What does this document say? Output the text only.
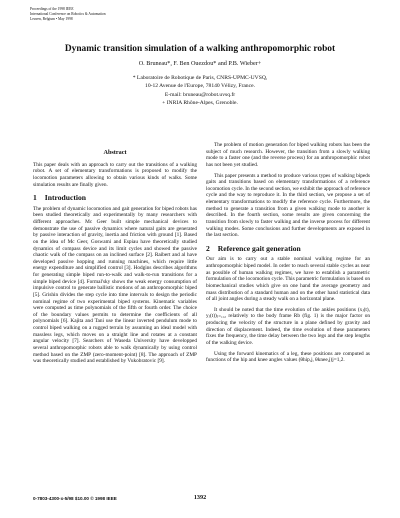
Proceedings of the 1998 IEEE
International Conference on Robotics & Automation
Leuven, Belgium • May 1998
Dynamic transition simulation of a walking anthropomorphic robot
O. Bruneau*, F. Ben Ouezdou* and P.B. Wieber+
* Laboratoire de Robotique de Paris, CNRS-UPMC-UVSQ,
10-12 Avenue de l'Europe, 78140 Vélizy, France.
E-mail: bruneau@robot.uvsq.fr
+ INRIA Rhône-Alpes, Grenoble.
Abstract

This paper deals with an approach to carry out the transitions of a walking robot. A set of elementary transformations is proposed to modify the locomotion parameters allowing to obtain various kinds of walks. Some simulation results are finally given.

1 Introduction

The problem of dynamic locomotion and gait generation for biped robots has been studied theoretically and experimentally by many researchers with different approaches. Mc Geer built simple mechanical devices to demonstrate the use of passive dynamics where natural gaits are generated by passive interaction of gravity, inertia and friction with ground [1]. Based on the idea of Mc Geer, Goswami and Espiau have theoretically studied dynamics of compass device and its limit cycles and showed the passive chaotic walk of the compass on an inclined surface [2]. Raibert and al have developed passive hopping and running machines, which require little energy expenditure and simplified control [3]. Hodgins describes algorithms for generating simple biped run-to-walk and walk-to-run transitions for a simple biped device [4]. Formal'sky shows the weak energy consumption of impulsive control to generate ballistic motions of an anthropomorphic biped [5]. Grishin divides the step cycle into time intervals to design the periodic nominal regime of two experimental biped systems. Kinematic variables were computed as time polynomials of the fifth or fourth order. The choice of the boundary values permits to determine the coefficients of all polynomials [6]. Kajita and Tani use the linear inverted pendulum mode to control biped walking on a rugged terrain by assuming an ideal model with massless legs, which moves on a straight line and rotates at a constant angular velocity [7]. Searchers of Waseda University have developped several anthropomorphic robots able to walk dynamically by using control method based on the ZMP (zero-moment-point) [8]. The approach of ZMP was theoretically studied and established by Vukobratovic [9].

The problem of motion generation for biped walking robots has been the subject of much research. However, the transition from a slowly walking mode to a faster one (and the reverse process) for an anthropomorphic robot has not been yet studied.

This paper presents a method to produce various types of walking bipeds gaits and transitions based on elementary transformations of a reference locomotion cycle. In the second section, we exhibit the approach of reference cycle and the way to reproduce it. In the third section, we propose a set of elementary transformations to modify the reference cycle. Furthermore, the method to generate a transition from a given walking mode to another is described. In the fourth section, some results are given concerning the transition from slowly to faster walking and the inverse process for different walking modes. Some conclusions and further developments are exposed in the last section.

2 Reference gait generation

Our aim is to carry out a stable nominal walking regime for an anthropomorphic biped model. In order to reach several stable cycles as near as possible of human walking regimes, we have to establish a parametric formulation of the locomotion cycle. This parametric formulation is based on biomechanical studies which give on one hand the average geometry and mass distribution of a standard human and on the other hand statistical data of all joint angles during a steady walk on a horizontal plane.

It should be noted that the time evolution of the ankles positions (xⱼ(t), yⱼ(t))ⱼ₌₁,₂ relatively to the body frame Rb (fig. 1) is the major factor on producing the velocity of the structure in a plane defined by gravity and direction of displacement. Indeed, the time evolution of these parameters fixes the frequency, the time delay between the two legs and the step lengths of the walking device.

Using the forward kinematics of a leg, these positions are computed as functions of the hip and knee angles values (θhip,j, θknee,j)j=1,2.

0-7803-4300-x-5/98 $10.00 © 1998 IEEE	1392
